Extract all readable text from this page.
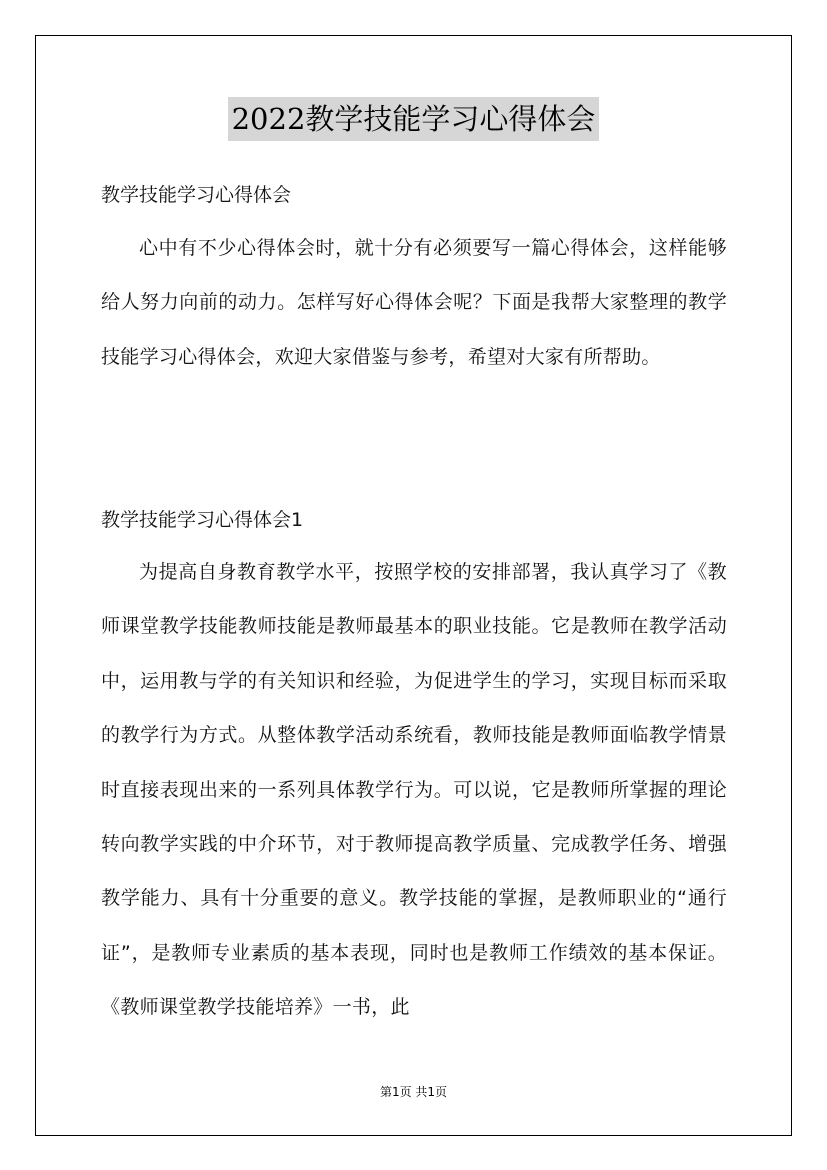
2022教学技能学习心得体会
教学技能学习心得体会
心中有不少心得体会时，就十分有必须要写一篇心得体会，这样能够给人努力向前的动力。怎样写好心得体会呢？下面是我帮大家整理的教学技能学习心得体会，欢迎大家借鉴与参考，希望对大家有所帮助。
教学技能学习心得体会1
为提高自身教育教学水平，按照学校的安排部署，我认真学习了《教师课堂教学技能教师技能是教师最基本的职业技能。它是教师在教学活动中，运用教与学的有关知识和经验，为促进学生的学习，实现目标而采取的教学行为方式。从整体教学活动系统看，教师技能是教师面临教学情景时直接表现出来的一系列具体教学行为。可以说，它是教师所掌握的理论转向教学实践的中介环节，对于教师提高教学质量、完成教学任务、增强教学能力、具有十分重要的意义。教学技能的掌握，是教师职业的“通行证”，是教师专业素质的基本表现，同时也是教师工作绩效的基本保证。《教师课堂教学技能培养》一书，此
第1页 共1页
